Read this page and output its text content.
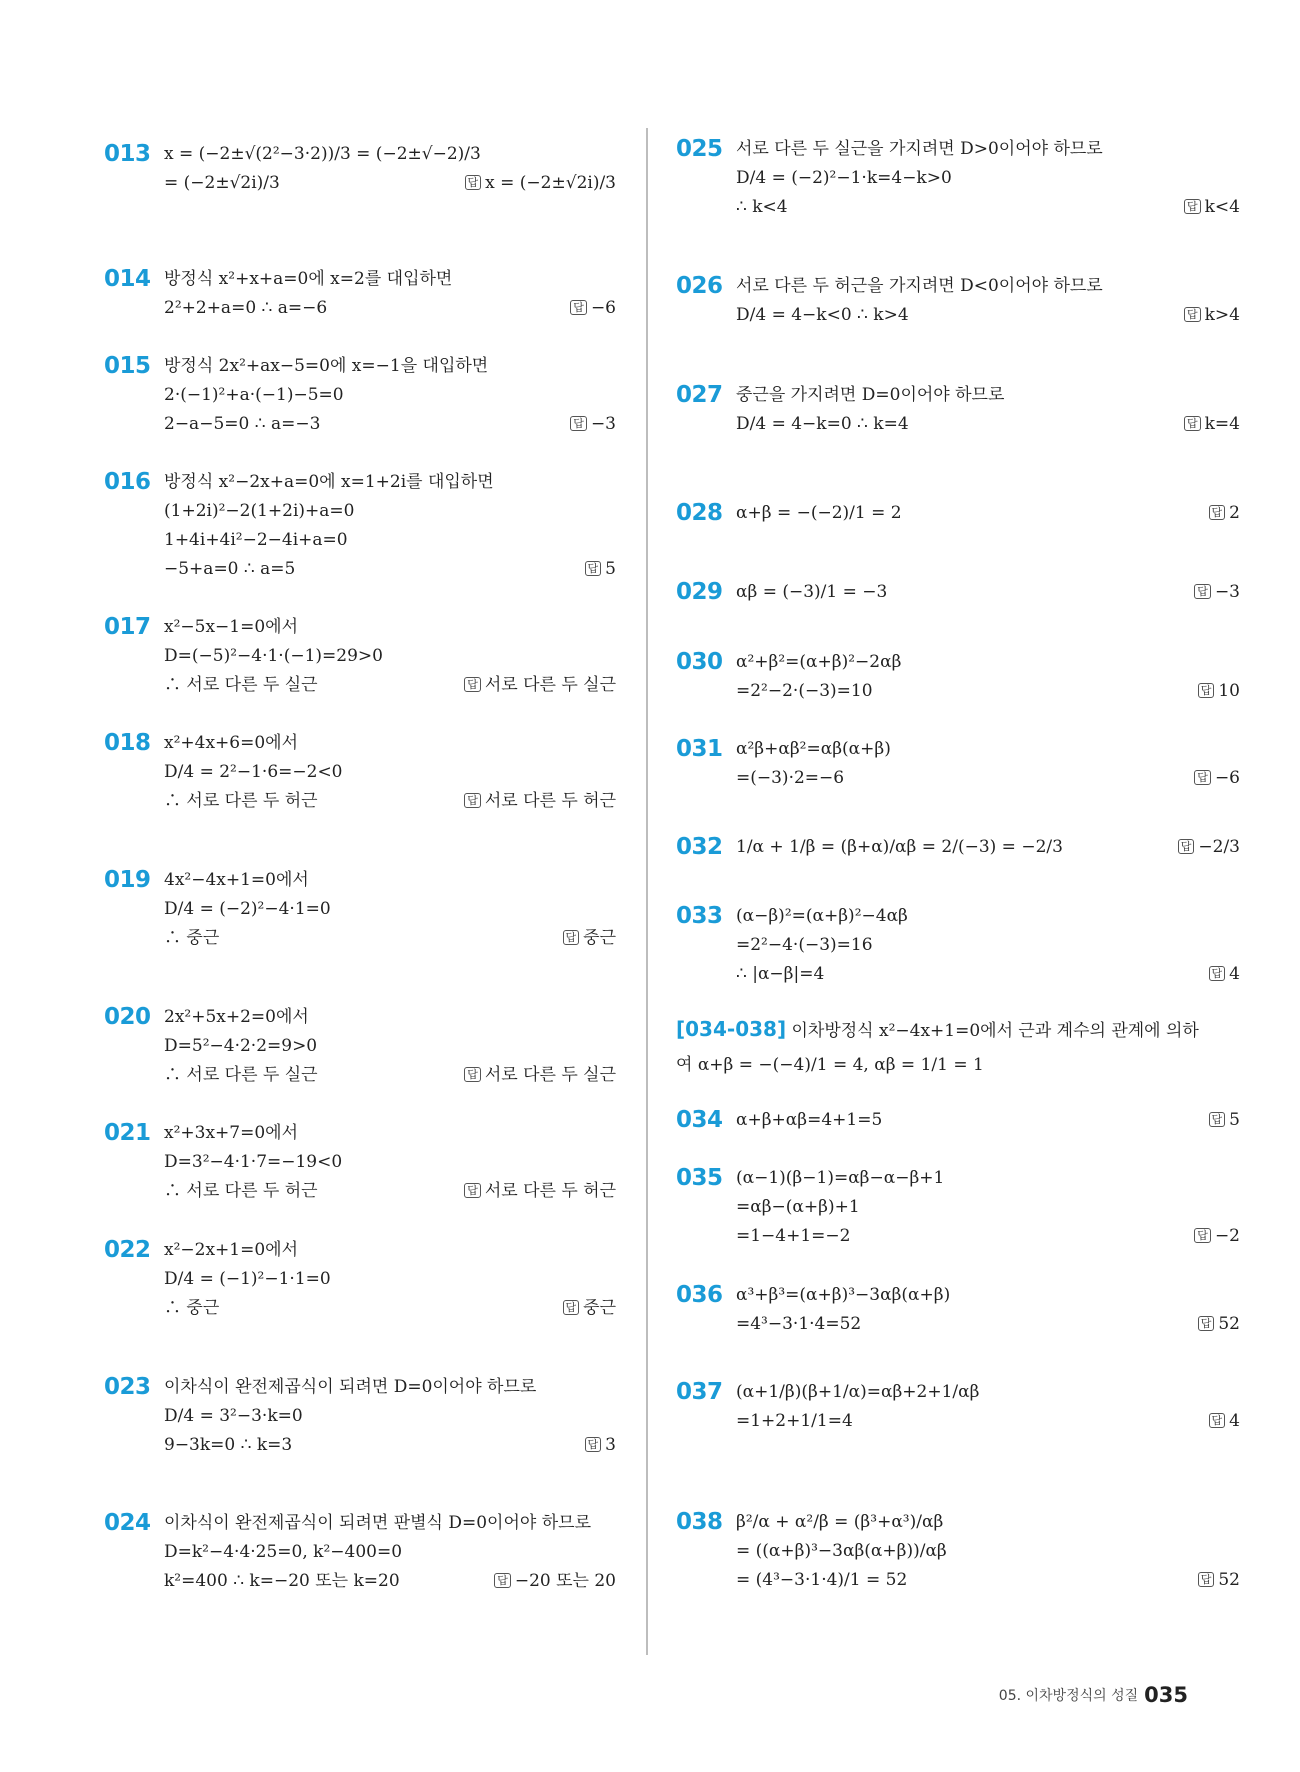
013 x = (−2±√(2²−3·2))/3 = (−2±√−2)/3
= (−2±√2i)/3	답 x = (−2±√2i)/3
014 방정식 x²+x+a=0에 x=2를 대입하면
2²+2+a=0 ∴ a=−6	답 −6
015 방정식 2x²+ax−5=0에 x=−1을 대입하면
2·(−1)²+a·(−1)−5=0
2−a−5=0 ∴ a=−3	답 −3
016 방정식 x²−2x+a=0에 x=1+2i를 대입하면
(1+2i)²−2(1+2i)+a=0
1+4i+4i²−2−4i+a=0
−5+a=0 ∴ a=5	답 5
017 x²−5x−1=0에서
D=(−5)²−4·1·(−1)=29>0
∴ 서로 다른 두 실근	답 서로 다른 두 실근
018 x²+4x+6=0에서
D/4 = 2²−1·6=−2<0
∴ 서로 다른 두 허근	답 서로 다른 두 허근
019 4x²−4x+1=0에서
D/4 = (−2)²−4·1=0
∴ 중근	답 중근
020 2x²+5x+2=0에서
D=5²−4·2·2=9>0
∴ 서로 다른 두 실근	답 서로 다른 두 실근
021 x²+3x+7=0에서
D=3²−4·1·7=−19<0
∴ 서로 다른 두 허근	답 서로 다른 두 허근
022 x²−2x+1=0에서
D/4 = (−1)²−1·1=0
∴ 중근	답 중근
023 이차식이 완전제곱식이 되려면 D=0이어야 하므로
D/4 = 3²−3·k=0
9−3k=0 ∴ k=3	답 3
024 이차식이 완전제곱식이 되려면 판별식 D=0이어야 하므로
D=k²−4·4·25=0, k²−400=0
k²=400 ∴ k=−20 또는 k=20	답 −20 또는 20
[034-038] 이차방정식 x²−4x+1=0에서 근과 계수의 관계에 의하
여 α+β = −(−4)/1 = 4, αβ = 1/1 = 1
025 서로 다른 두 실근을 가지려면 D>0이어야 하므로
D/4 = (−2)²−1·k=4−k>0
∴ k<4	답 k<4
026 서로 다른 두 허근을 가지려면 D<0이어야 하므로
D/4 = 4−k<0 ∴ k>4	답 k>4
027 중근을 가지려면 D=0이어야 하므로
D/4 = 4−k=0 ∴ k=4	답 k=4
028 α+β = −(−2)/1 = 2	답 2
029 αβ = (−3)/1 = −3	답 −3
030 α²+β²=(α+β)²−2αβ
=2²−2·(−3)=10	답 10
031 α²β+αβ²=αβ(α+β)
=(−3)·2=−6	답 −6
032 1/α + 1/β = (β+α)/αβ = 2/(−3) = −2/3	답 −2/3
033 (α−β)²=(α+β)²−4αβ
=2²−4·(−3)=16
∴ |α−β|=4	답 4
034 α+β+αβ=4+1=5	답 5
035 (α−1)(β−1)=αβ−α−β+1
=αβ−(α+β)+1
=1−4+1=−2	답 −2
036 α³+β³=(α+β)³−3αβ(α+β)
=4³−3·1·4=52	답 52
037 (α+1/β)(β+1/α)=αβ+2+1/αβ
=1+2+1/1=4	답 4
038 β²/α + α²/β = (β³+α³)/αβ
= ((α+β)³−3αβ(α+β))/αβ
= (4³−3·1·4)/1 = 52	답 52
05. 이차방정식의 성질 035
